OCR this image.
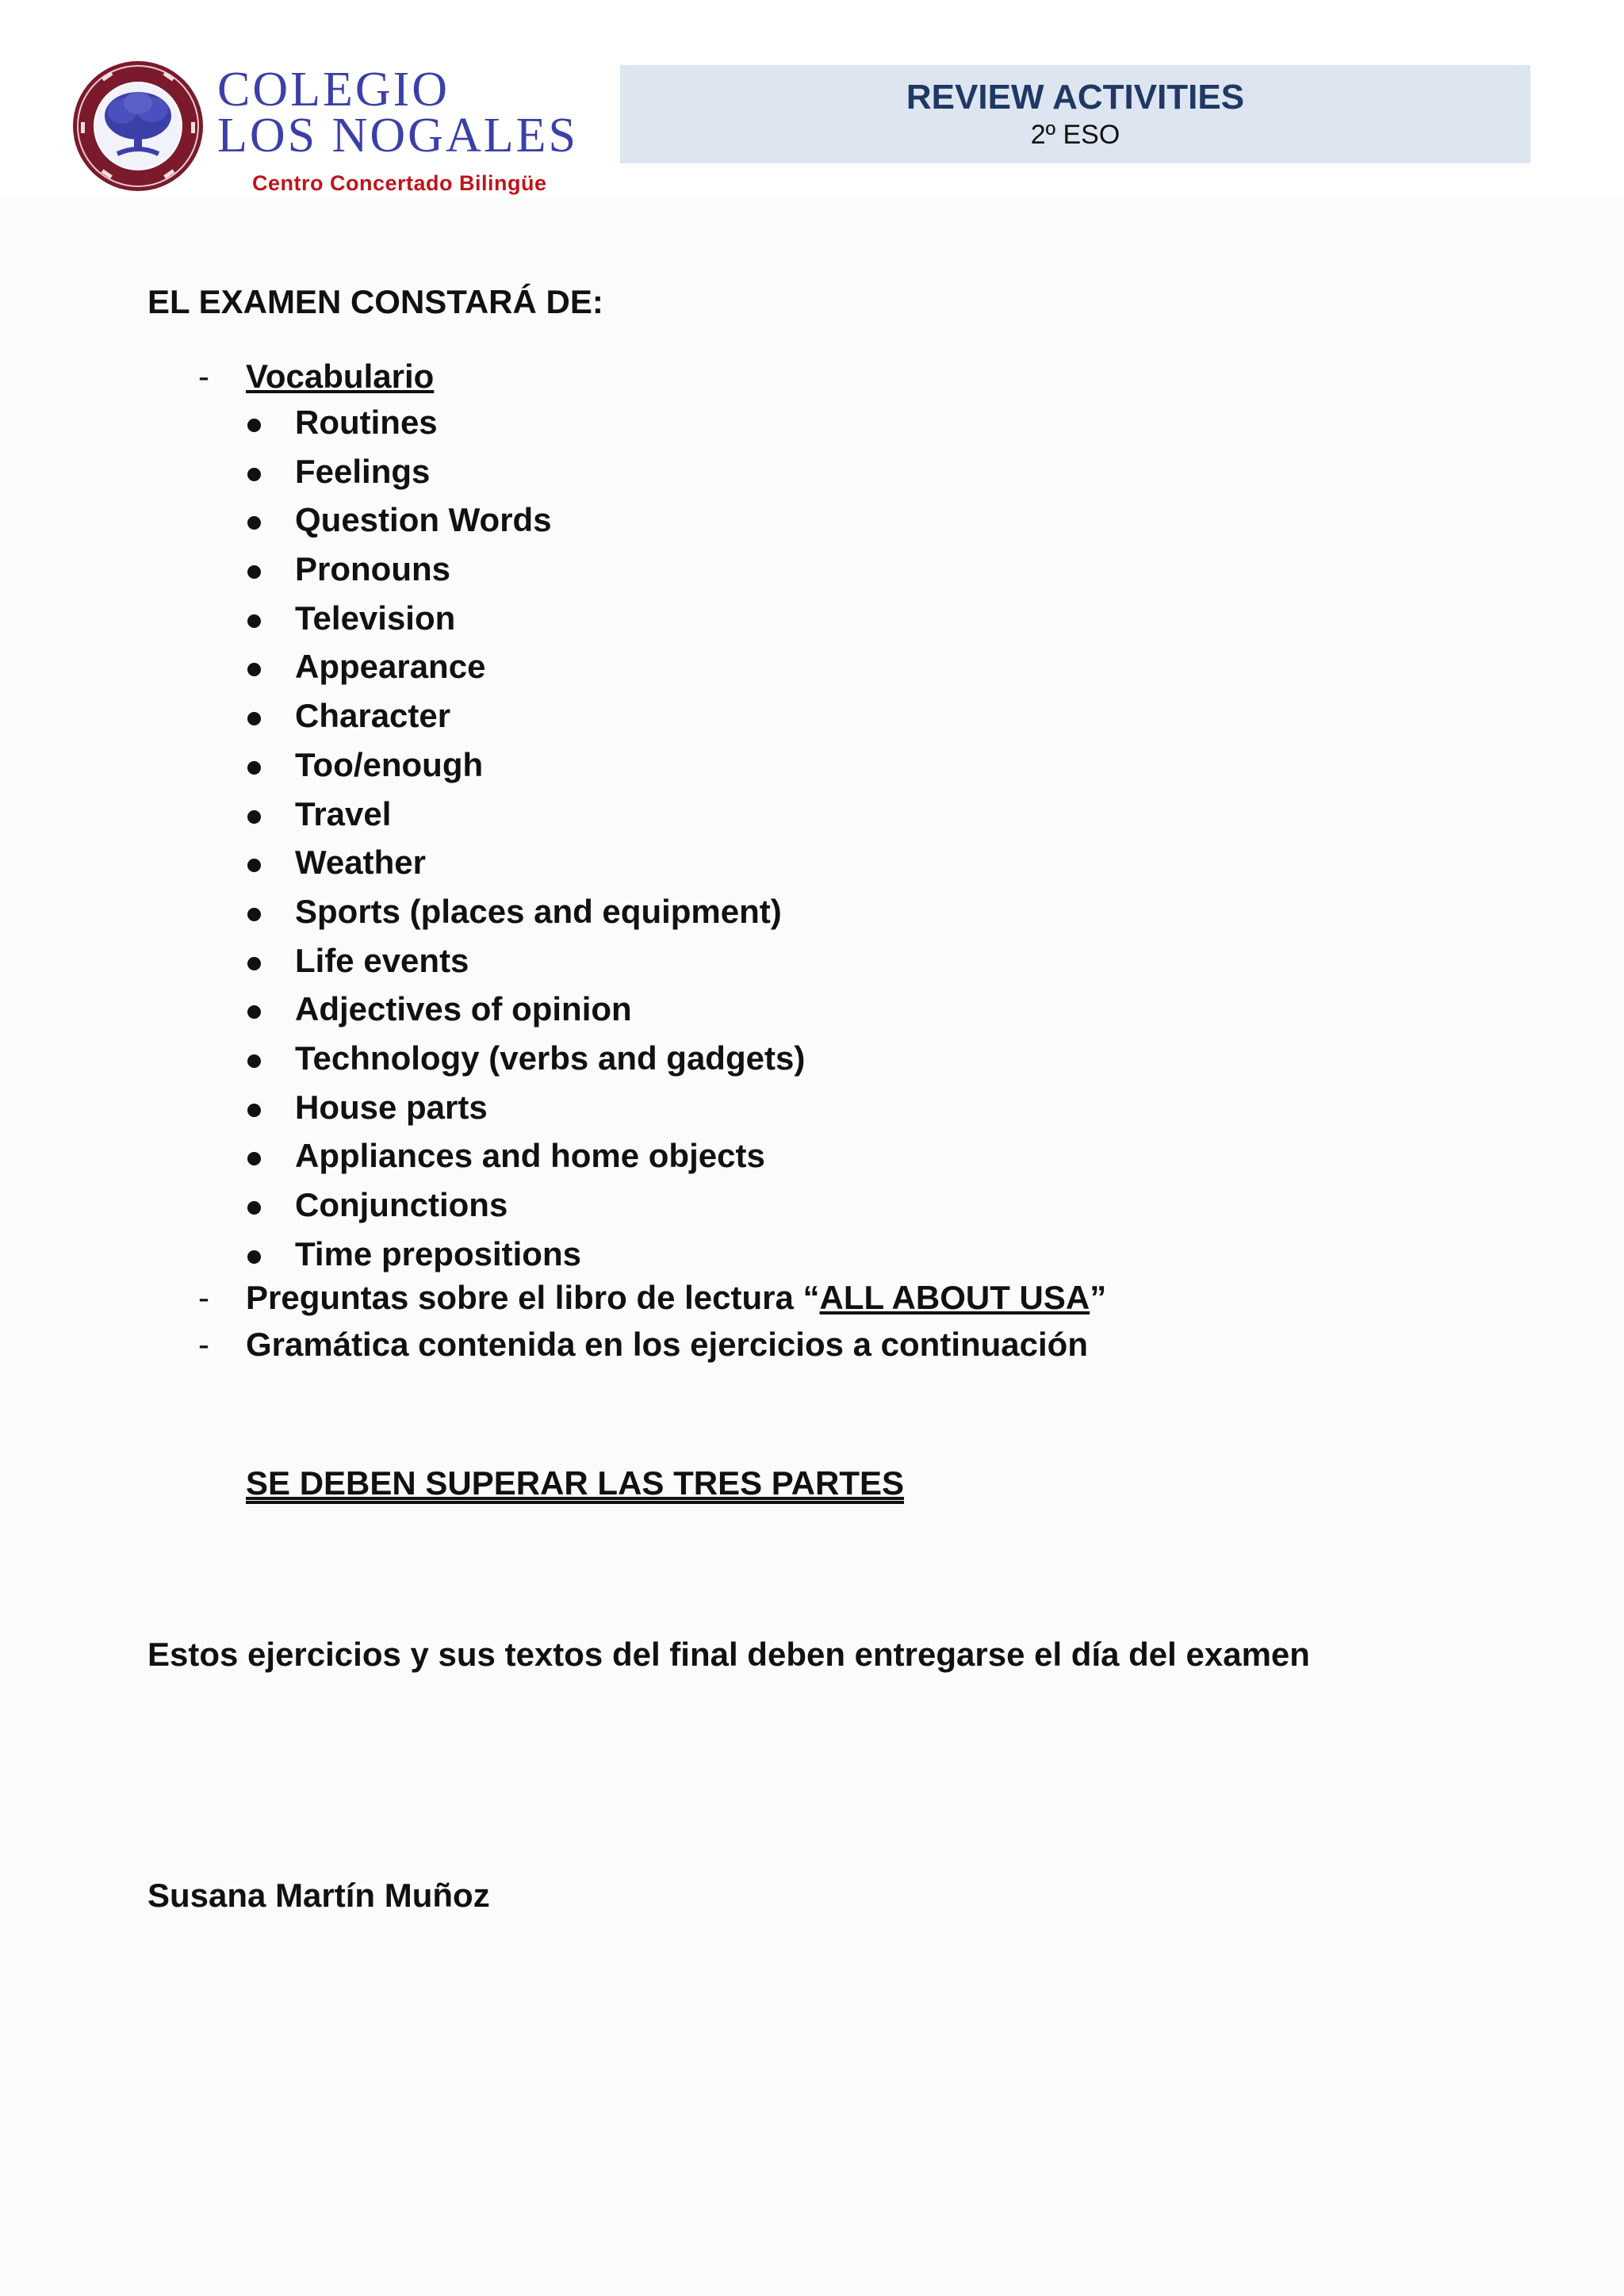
COLEGIO
LOS NOGALES
Centro Concertado Bilingüe
REVIEW ACTIVITIES
2º ESO
EL EXAMEN CONSTARÁ DE:
- Vocabulario
Routines
Feelings
Question Words
Pronouns
Television
Appearance
Character
Too/enough
Travel
Weather
Sports (places and equipment)
Life events
Adjectives of opinion
Technology (verbs and gadgets)
House parts
Appliances and home objects
Conjunctions
Time prepositions
- Preguntas sobre el libro de lectura “ALL ABOUT USA”
- Gramática contenida en los ejercicios a continuación
SE DEBEN SUPERAR LAS TRES PARTES
Estos ejercicios y sus textos del final deben entregarse el día del examen
Susana Martín Muñoz
